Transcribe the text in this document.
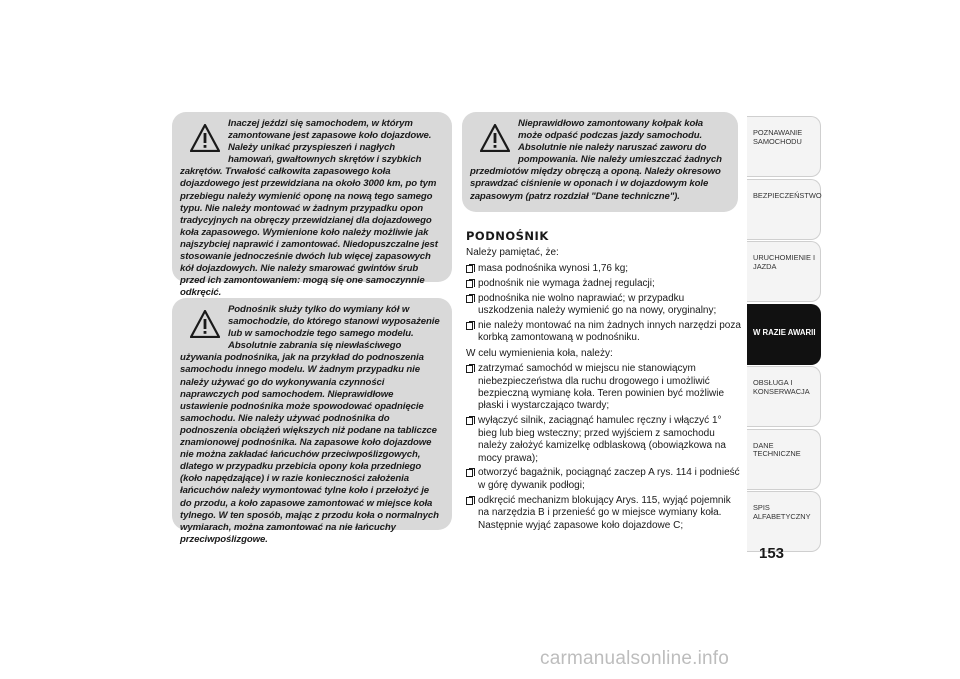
Inaczej jeździ się samochodem, w którym zamontowane jest zapasowe koło dojazdowe. Należy unikać przyspieszeń i nagłych hamowań, gwałtownych skrętów i szybkich zakrętów. Trwałość całkowita zapasowego koła dojazdowego jest przewidziana na około 3000 km, po tym przebiegu należy wymienić oponę na nową tego samego typu. Nie należy montować w żadnym przypadku opon tradycyjnych na obręczy przewidzianej dla dojazdowego koła zapasowego. Wymienione koło należy możliwie jak najszybciej naprawić i zamontować. Niedopuszczalne jest stosowanie jednocześnie dwóch lub więcej zapasowych kół dojazdowych. Nie należy smarować gwintów śrub przed ich zamontowaniem: mogą się one samoczynnie odkręcić.

Podnośnik służy tylko do wymiany kół w samochodzie, do którego stanowi wyposażenie lub w samochodzie tego samego modelu. Absolutnie zabrania się niewłaściwego używania podnośnika, jak na przykład do podnoszenia samochodu innego modelu. W żadnym przypadku nie należy używać go do wykonywania czynności naprawczych pod samochodem. Nieprawidłowe ustawienie podnośnika może spowodować opadnięcie samochodu. Nie należy używać podnośnika do podnoszenia obciążeń większych niż podane na tabliczce znamionowej podnośnika. Na zapasowe koło dojazdowe nie można zakładać łańcuchów przeciwpoślizgowych, dlatego w przypadku przebicia opony koła przedniego (koło napędzające) i w razie konieczności założenia łańcuchów należy wymontować tylne koło i przełożyć je do przodu, a koło zapasowe zamontować w miejsce koła tylnego. W ten sposób, mając z przodu koła o normalnych wymiarach, można zamontować na nie łańcuchy przeciwpoślizgowe.

Nieprawidłowo zamontowany kołpak koła może odpaść podczas jazdy samochodu. Absolutnie nie należy naruszać zaworu do pompowania. Nie należy umieszczać żadnych przedmiotów między obręczą a oponą. Należy okresowo sprawdzać ciśnienie w oponach i w dojazdowym kole zapasowym (patrz rozdział "Dane techniczne").

PODNOŚNIK

Należy pamiętać, że:

masa podnośnika wynosi 1,76 kg;
podnośnik nie wymaga żadnej regulacji;
podnośnika nie wolno naprawiać; w przypadku uszkodzenia należy wymienić go na nowy, oryginalny;
nie należy montować na nim żadnych innych narzędzi poza korbką zamontowaną w podnośniku.

W celu wymienienia koła, należy:

zatrzymać samochód w miejscu nie stanowiącym niebezpieczeństwa dla ruchu drogowego i umożliwić bezpieczną wymianę koła. Teren powinien być możliwie płaski i wystarczająco twardy;
wyłączyć silnik, zaciągnąć hamulec ręczny i włączyć 1° bieg lub bieg wsteczny; przed wyjściem z samochodu należy założyć kamizelkę odblaskową (obowiązkowa na mocy prawa);
otworzyć bagażnik, pociągnąć zaczep A rys. 114 i podnieść w górę dywanik podłogi;
odkręcić mechanizm blokujący Arys. 115, wyjąć pojemnik na narzędzia B i przenieść go w miejsce wymiany koła. Następnie wyjąć zapasowe koło dojazdowe C;
POZNAWANIE SAMOCHODU
BEZPIECZEŃSTWO
URUCHOMIENIE I JAZDA
W RAZIE AWARII
OBSŁUGA I KONSERWACJA
DANE TECHNICZNE
SPIS ALFABETYCZNY
153
carmanualsonline.info
